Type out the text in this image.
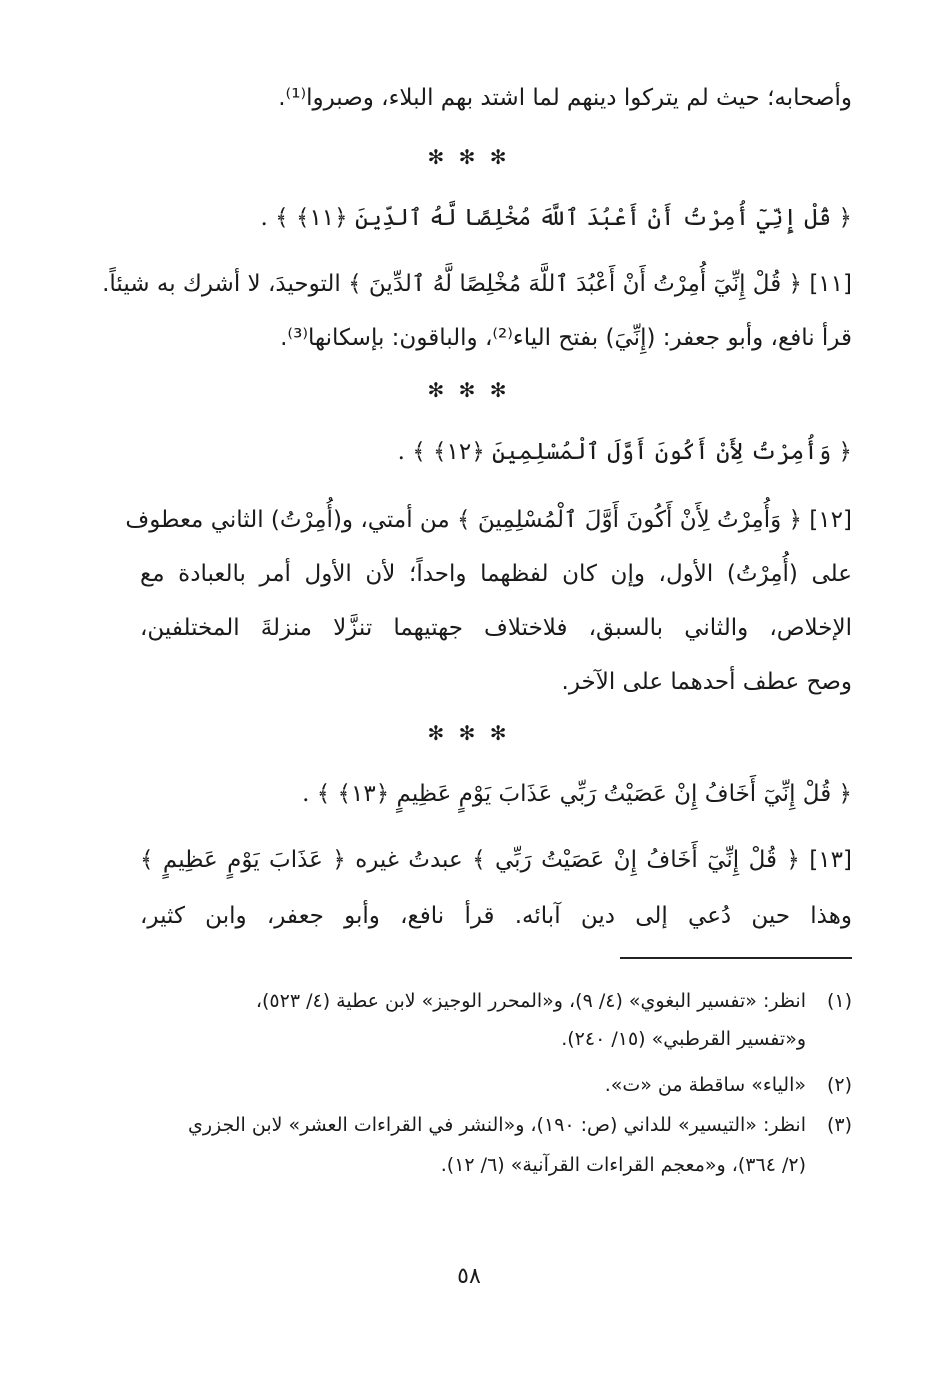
وأصحابه؛ حيث لم يتركوا دينهم لما اشتد بهم البلاء، وصبروا⁽¹⁾.
✻ ✻ ✻
﴿ قُلْ إِنِّيٓ أُمِرْتُ أَنْ أَعْبُدَ ٱللَّهَ مُخْلِصًا لَّهُ ٱلدِّينَ ﴿١١﴾ ﴾ .
[١١] ﴿ قُلْ إِنِّيٓ أُمِرْتُ أَنْ أَعْبُدَ ٱللَّهَ مُخْلِصًا لَّهُ ٱلدِّينَ ﴾ التوحيدَ، لا أشرك به شيئاً.
قرأ نافع، وأبو جعفر: (إِنِّيَ) بفتح الياء⁽²⁾، والباقون: بإسكانها⁽³⁾.
✻ ✻ ✻
﴿ وَأُمِرْتُ لِأَنْ أَكُونَ أَوَّلَ ٱلْمُسْلِمِينَ ﴿١٢﴾ ﴾ .
[١٢] ﴿ وَأُمِرْتُ لِأَنْ أَكُونَ أَوَّلَ ٱلْمُسْلِمِينَ ﴾ من أمتي، و(أُمِرْتُ) الثاني معطوف
على (أُمِرْتُ) الأول، وإن كان لفظهما واحداً؛ لأن الأول أمر بالعبادة مع
الإخلاص، والثاني بالسبق، فلاختلاف جهتيهما تنزَّلا منزلةَ المختلفين،
وصح عطف أحدهما على الآخر.
✻ ✻ ✻
﴿ قُلْ إِنِّيٓ أَخَافُ إِنْ عَصَيْتُ رَبِّي عَذَابَ يَوْمٍ عَظِيمٍ ﴿١٣﴾ ﴾ .
[١٣] ﴿ قُلْ إِنِّيٓ أَخَافُ إِنْ عَصَيْتُ رَبِّي ﴾ عبدتُ غيره ﴿ عَذَابَ يَوْمٍ عَظِيمٍ ﴾
وهذا حين دُعي إلى دين آبائه. قرأ نافع، وأبو جعفر، وابن كثير،
(١)انظر: «تفسير البغوي» (٤/ ٩)، و«المحرر الوجيز» لابن عطية (٤/ ٥٢٣)،
و«تفسير القرطبي» (١٥/ ٢٤٠).
(٢)«الياء» ساقطة من «ت».
(٣)انظر: «التيسير» للداني (ص: ١٩٠)، و«النشر في القراءات العشر» لابن الجزري
(٢/ ٣٦٤)، و«معجم القراءات القرآنية» (٦/ ١٢).
٥٨
